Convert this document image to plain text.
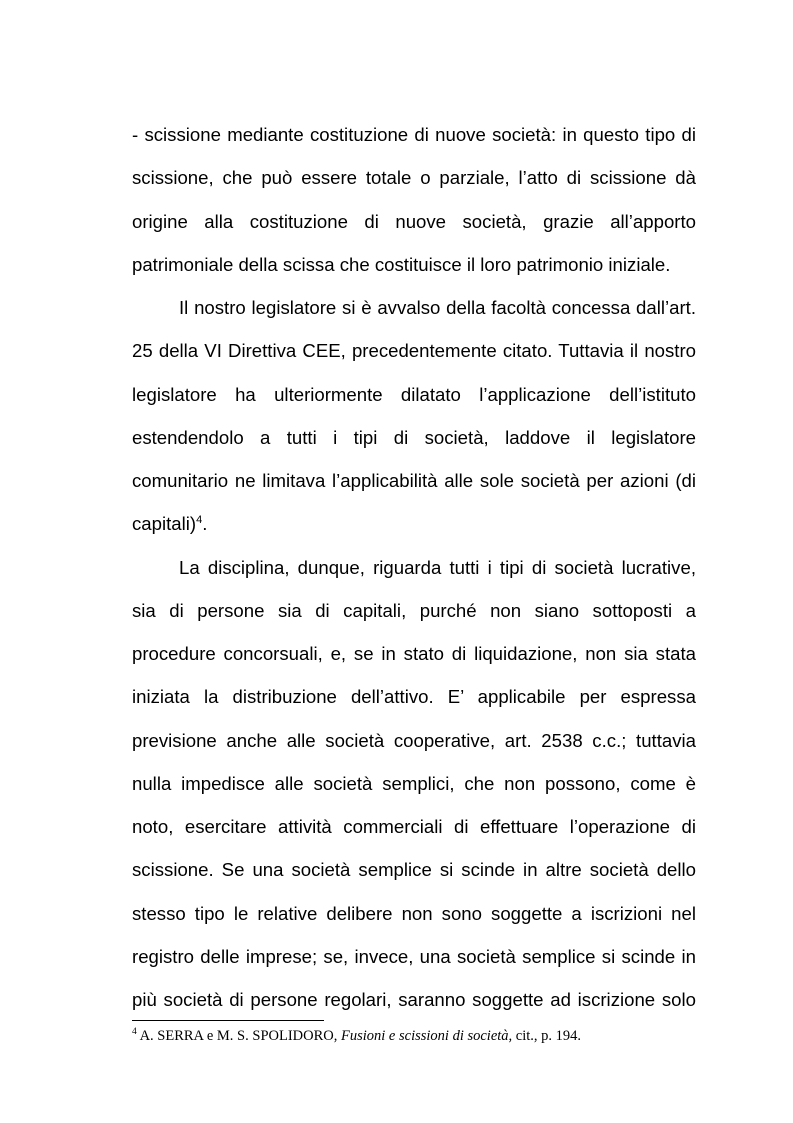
- scissione mediante costituzione di nuove società: in questo tipo di

scissione, che può essere totale o parziale, l’atto di scissione dà

origine alla costituzione di nuove società, grazie all’apporto

patrimoniale della scissa che costituisce il loro patrimonio iniziale.

Il nostro legislatore si è avvalso della facoltà concessa dall’art.

25 della VI Direttiva CEE, precedentemente citato. Tuttavia il nostro

legislatore ha ulteriormente dilatato l’applicazione dell’istituto

estendendolo a tutti i tipi di società, laddove il legislatore

comunitario ne limitava l’applicabilità alle sole società per azioni (di

capitali)$^4$.

La disciplina, dunque, riguarda tutti i tipi di società lucrative,

sia di persone sia di capitali, purché non siano sottoposti a

procedure concorsuali, e, se in stato di liquidazione, non sia stata

iniziata la distribuzione dell’attivo. E’ applicabile per espressa

previsione anche alle società cooperative, art. 2538 c.c.; tuttavia

nulla impedisce alle società semplici, che non possono, come è

noto, esercitare attività commerciali di effettuare l’operazione di

scissione. Se una società semplice si scinde in altre società dello

stesso tipo le relative delibere non sono soggette a iscrizioni nel

registro delle imprese; se, invece, una società semplice si scinde in

più società di persone regolari, saranno soggette ad iscrizione solo

$^4$ A. SERRA e M. S. SPOLIDORO, Fusioni e scissioni di società, cit., p. 194.
